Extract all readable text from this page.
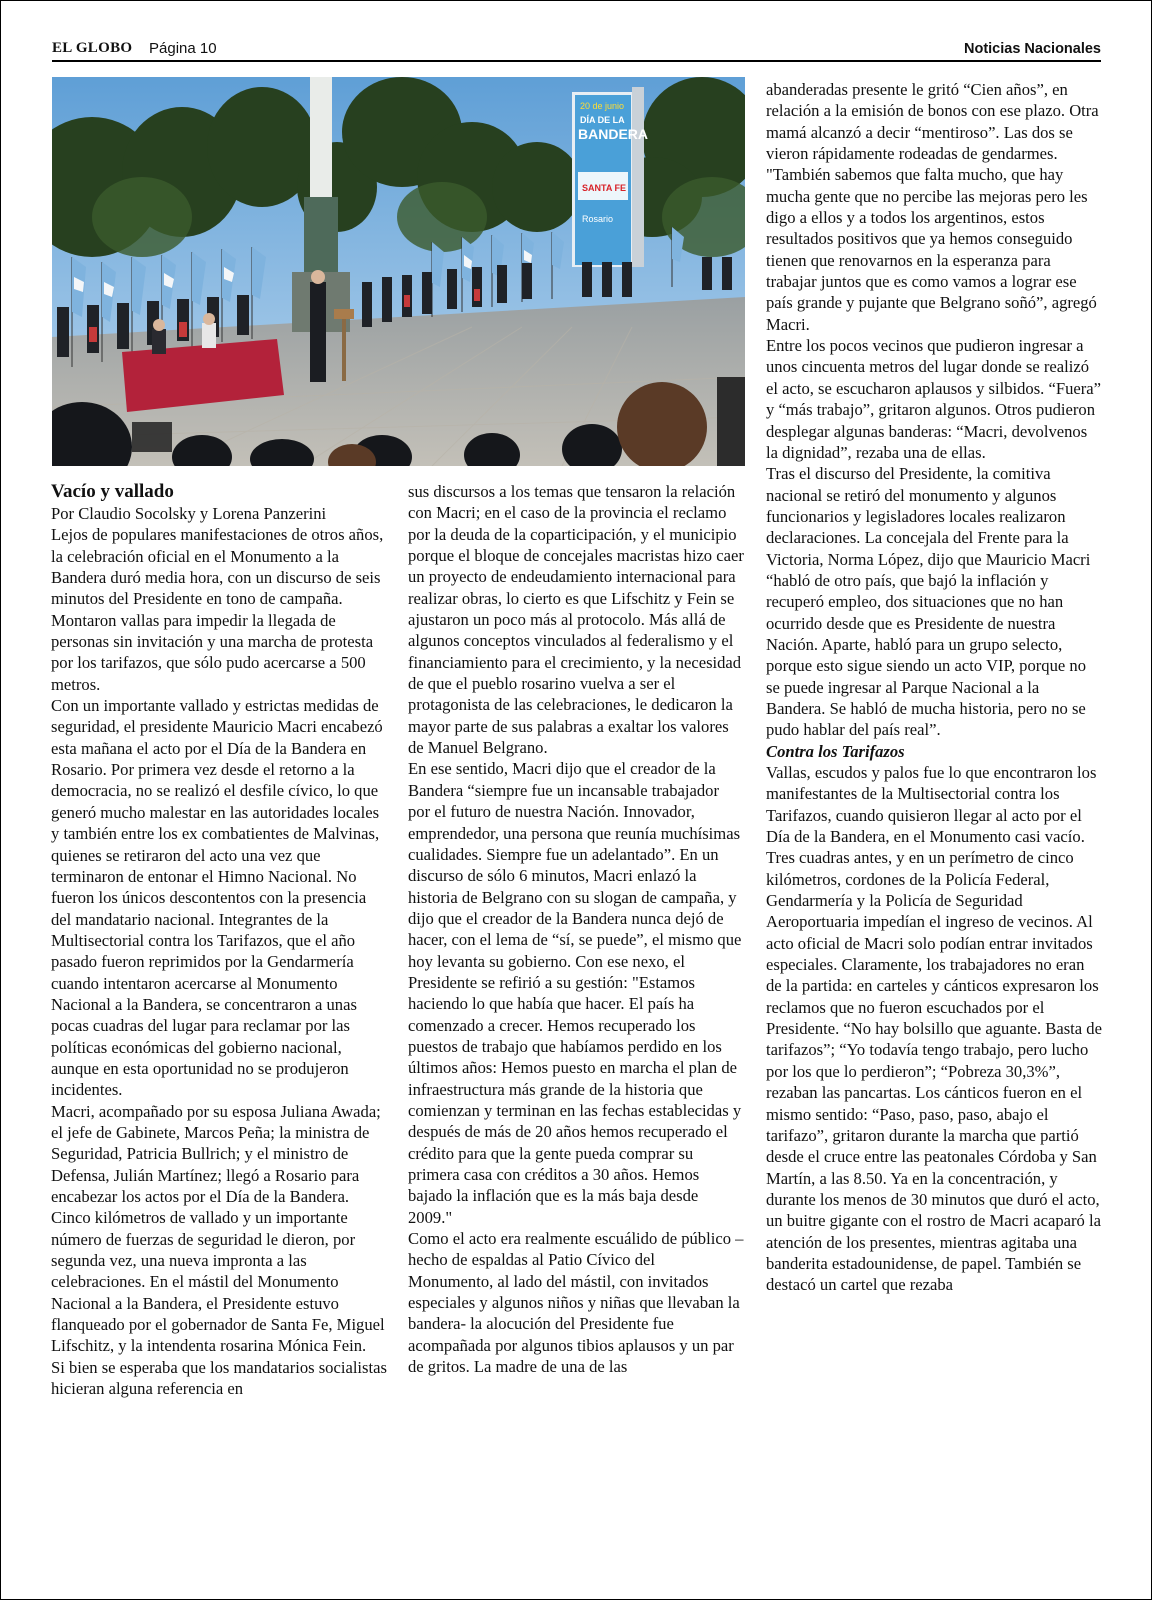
EL GLOBO Página 10	Noticias Nacionales
20 de junio
DÍA DE LA
BANDERA
SANTA FE
Rosario

Vacío y vallado

Por Claudio Socolsky y Lorena Panzerini

Lejos de populares manifestaciones de otros años, la celebración oficial en el Monumento a la Bandera duró media hora, con un discurso de seis minutos del Presidente en tono de campaña. Montaron vallas para impedir la llegada de personas sin invitación y una marcha de protesta por los tarifazos, que sólo pudo acercarse a 500 metros.

Con un importante vallado y estrictas medidas de seguridad, el presidente Mauricio Macri encabezó esta mañana el acto por el Día de la Bandera en Rosario. Por primera vez desde el retorno a la democracia, no se realizó el desfile cívico, lo que generó mucho malestar en las autoridades locales y también entre los ex combatientes de Malvinas, quienes se retiraron del acto una vez que terminaron de entonar el Himno Nacional. No fueron los únicos descontentos con la presencia del mandatario nacional. Integrantes de la Multisectorial contra los Tarifazos, que el año pasado fueron reprimidos por la Gendarmería cuando intentaron acercarse al Monumento Nacional a la Bandera, se concentraron a unas pocas cuadras del lugar para reclamar por las políticas económicas del gobierno nacional, aunque en esta oportunidad no se produjeron incidentes.

Macri, acompañado por su esposa Juliana Awada; el jefe de Gabinete, Marcos Peña; la ministra de Seguridad, Patricia Bullrich; y el ministro de Defensa, Julián Martínez; llegó a Rosario para encabezar los actos por el Día de la Bandera. Cinco kilómetros de vallado y un importante número de fuerzas de seguridad le dieron, por segunda vez, una nueva impronta a las celebraciones. En el mástil del Monumento Nacional a la Bandera, el Presidente estuvo flanqueado por el gobernador de Santa Fe, Miguel Lifschitz, y la intendenta rosarina Mónica Fein.

Si bien se esperaba que los mandatarios socialistas hicieran alguna referencia en

sus discursos a los temas que tensaron la relación con Macri; en el caso de la provincia el reclamo por la deuda de la coparticipación, y el municipio porque el bloque de concejales macristas hizo caer un proyecto de endeudamiento internacional para realizar obras, lo cierto es que Lifschitz y Fein se ajustaron un poco más al protocolo. Más allá de algunos conceptos vinculados al federalismo y el financiamiento para el crecimiento, y la necesidad de que el pueblo rosarino vuelva a ser el protagonista de las celebraciones, le dedicaron la mayor parte de sus palabras a exaltar los valores de Manuel Belgrano.

En ese sentido, Macri dijo que el creador de la Bandera “siempre fue un incansable trabajador por el futuro de nuestra Nación. Innovador, emprendedor, una persona que reunía muchísimas cualidades. Siempre fue un adelantado”. En un discurso de sólo 6 minutos, Macri enlazó la historia de Belgrano con su slogan de campaña, y dijo que el creador de la Bandera nunca dejó de hacer, con el lema de “sí, se puede”, el mismo que hoy levanta su gobierno. Con ese nexo, el Presidente se refirió a su gestión: "Estamos haciendo lo que había que hacer. El país ha comenzado a crecer. Hemos recuperado los puestos de trabajo que habíamos perdido en los últimos años: Hemos puesto en marcha el plan de infraestructura más grande de la historia que comienzan y terminan en las fechas establecidas y después de más de 20 años hemos recuperado el crédito para que la gente pueda comprar su primera casa con créditos a 30 años. Hemos bajado la inflación que es la más baja desde 2009."

Como el acto era realmente escuálido de público –hecho de espaldas al Patio Cívico del Monumento, al lado del mástil, con invitados especiales y algunos niños y niñas que llevaban la bandera- la alocución del Presidente fue acompañada por algunos tibios aplausos y un par de gritos. La madre de una de las

abanderadas presente le gritó “Cien años”, en relación a la emisión de bonos con ese plazo. Otra mamá alcanzó a decir “mentiroso”. Las dos se vieron rápidamente rodeadas de gendarmes. "También sabemos que falta mucho, que hay mucha gente que no percibe las mejoras pero les digo a ellos y a todos los argentinos, estos resultados positivos que ya hemos conseguido tienen que renovarnos en la esperanza para trabajar juntos que es como vamos a lograr ese país grande y pujante que Belgrano soñó”, agregó Macri.

Entre los pocos vecinos que pudieron ingresar a unos cincuenta metros del lugar donde se realizó el acto, se escucharon aplausos y silbidos. “Fuera” y “más trabajo”, gritaron algunos. Otros pudieron desplegar algunas banderas: “Macri, devolvenos la dignidad”, rezaba una de ellas.

Tras el discurso del Presidente, la comitiva nacional se retiró del monumento y algunos funcionarios y legisladores locales realizaron declaraciones. La concejala del Frente para la Victoria, Norma López, dijo que Mauricio Macri “habló de otro país, que bajó la inflación y recuperó empleo, dos situaciones que no han ocurrido desde que es Presidente de nuestra Nación. Aparte, habló para un grupo selecto, porque esto sigue siendo un acto VIP, porque no se puede ingresar al Parque Nacional a la Bandera. Se habló de mucha historia, pero no se pudo hablar del país real”.

Contra los Tarifazos

Vallas, escudos y palos fue lo que encontraron los manifestantes de la Multisectorial contra los Tarifazos, cuando quisieron llegar al acto por el Día de la Bandera, en el Monumento casi vacío. Tres cuadras antes, y en un perímetro de cinco kilómetros, cordones de la Policía Federal, Gendarmería y la Policía de Seguridad Aeroportuaria impedían el ingreso de vecinos. Al acto oficial de Macri solo podían entrar invitados especiales. Claramente, los trabajadores no eran de la partida: en carteles y cánticos expresaron los reclamos que no fueron escuchados por el Presidente. “No hay bolsillo que aguante. Basta de tarifazos”; “Yo todavía tengo trabajo, pero lucho por los que lo perdieron”; “Pobreza 30,3%”, rezaban las pancartas. Los cánticos fueron en el mismo sentido: “Paso, paso, paso, abajo el tarifazo”, gritaron durante la marcha que partió desde el cruce entre las peatonales Córdoba y San Martín, a las 8.50. Ya en la concentración, y durante los menos de 30 minutos que duró el acto, un buitre gigante con el rostro de Macri acaparó la atención de los presentes, mientras agitaba una banderita estadounidense, de papel. También se destacó un cartel que rezaba
